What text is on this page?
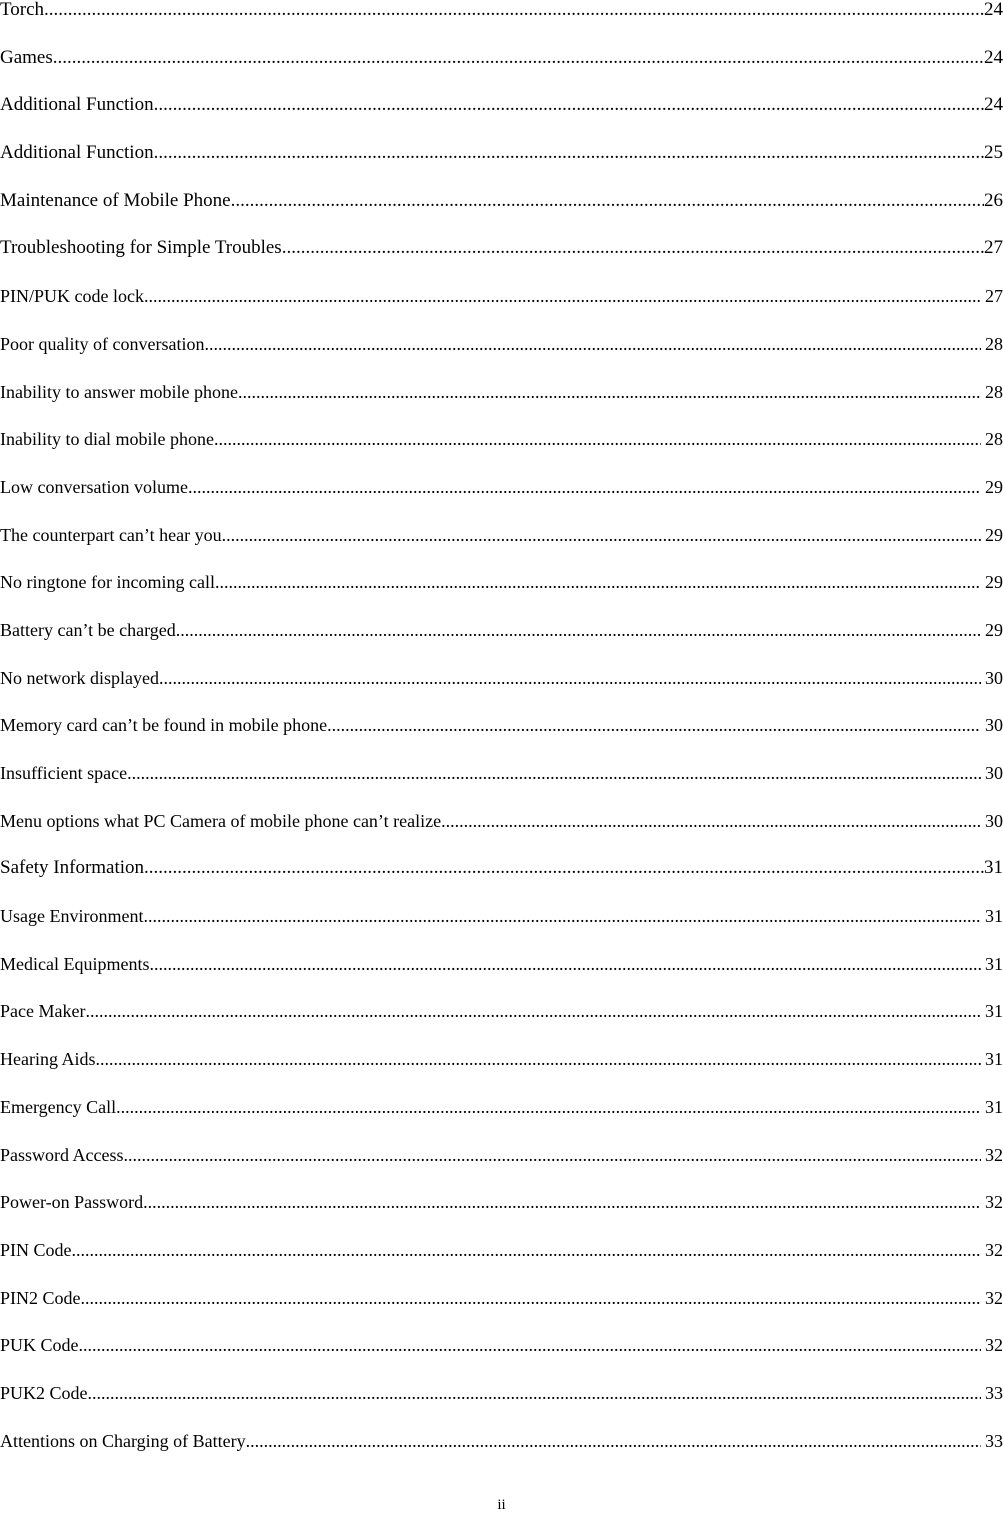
Torch .....	24
Games .....	24
Additional Function .....	24
Additional Function .....	25
Maintenance of Mobile Phone .....	26
Troubleshooting for Simple Troubles .....	27
PIN/PUK code lock .....	27
Poor quality of conversation .....	28
Inability to answer mobile phone .....	28
Inability to dial mobile phone .....	28
Low conversation volume .....	29
The counterpart can’t hear you .....	29
No ringtone for incoming call .....	29
Battery can’t be charged .....	29
No network displayed .....	30
Memory card can’t be found in mobile phone .....	30
Insufficient space .....	30
Menu options what PC Camera of mobile phone can’t realize .....	30
Safety Information .....	31
Usage Environment .....	31
Medical Equipments .....	31
Pace Maker .....	31
Hearing Aids .....	31
Emergency Call .....	31
Password Access .....	32
Power-on Password .....	32
PIN Code .....	32
PIN2 Code .....	32
PUK Code .....	32
PUK2 Code .....	33
Attentions on Charging of Battery .....	33
ii
